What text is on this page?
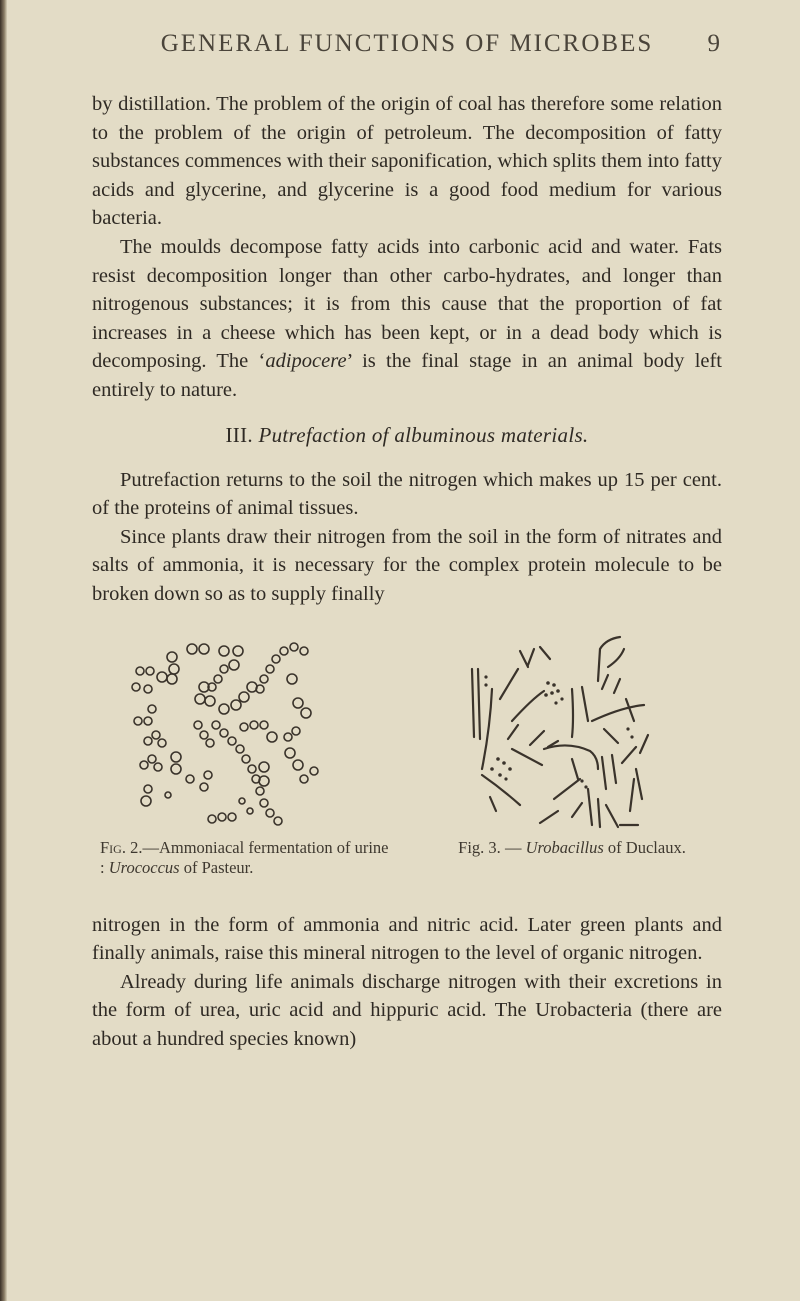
GENERAL FUNCTIONS OF MICROBES 9

by distillation. The problem of the origin of coal has therefore some relation to the problem of the origin of petroleum. The decomposition of fatty substances commences with their saponification, which splits them into fatty acids and glycerine, and glycerine is a good food medium for various bacteria.

The moulds decompose fatty acids into carbonic acid and water. Fats resist decomposition longer than other carbo-hydrates, and longer than nitrogenous substances; it is from this cause that the proportion of fat increases in a cheese which has been kept, or in a dead body which is decomposing. The ‘adipocere’ is the final stage in an animal body left entirely to nature.

III. Putrefaction of albuminous materials.

Putrefaction returns to the soil the nitrogen which makes up 15 per cent. of the proteins of animal tissues.

Since plants draw their nitrogen from the soil in the form of nitrates and salts of ammonia, it is necessary for the complex protein molecule to be broken down so as to supply finally

Fig. 2.—Ammoniacal fermentation of urine : Urococcus of Pasteur.
Fig. 3. — Urobacillus of Duclaux.

nitrogen in the form of ammonia and nitric acid. Later green plants and finally animals, raise this mineral nitrogen to the level of organic nitrogen.

Already during life animals discharge nitrogen with their excretions in the form of urea, uric acid and hippuric acid. The Urobacteria (there are about a hundred species known)
